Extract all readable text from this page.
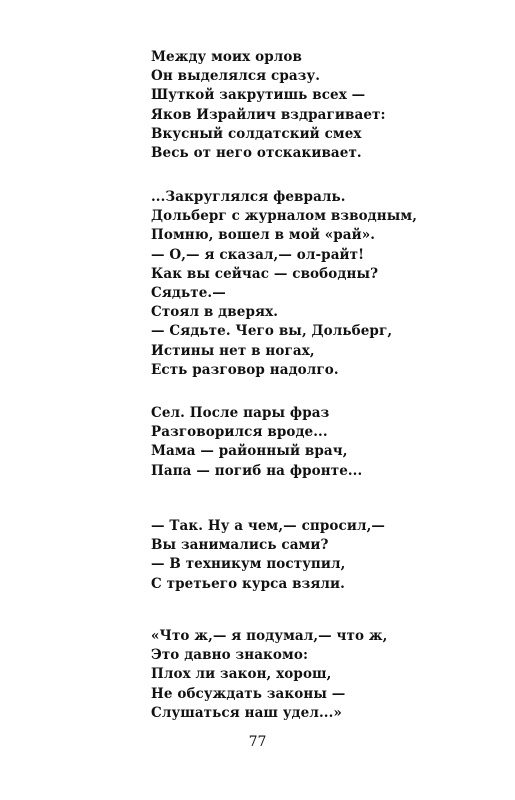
Между моих орлов
Он выделялся сразу.
Шуткой закрутишь всех —
Яков Израйлич вздрагивает:
Вкусный солдатский смех
Весь от него отскакивает.
...Закруглялся февраль.
Дольберг с журналом взводным,
Помню, вошел в мой «рай».
— О,— я сказал,— ол-райт!
Как вы сейчас — свободны?
Сядьте.—
Стоял в дверях.
— Сядьте. Чего вы, Дольберг,
Истины нет в ногах,
Есть разговор надолго.
Сел. После пары фраз
Разговорился вроде...
Мама — районный врач,
Папа — погиб на фронте...
— Так. Ну а чем,— спросил,—
Вы занимались сами?
— В техникум поступил,
С третьего курса взяли.
«Что ж,— я подумал,— что ж,
Это давно знакомо:
Плох ли закон, хорош,
Не обсуждать законы —
Слушаться наш удел...»
77
